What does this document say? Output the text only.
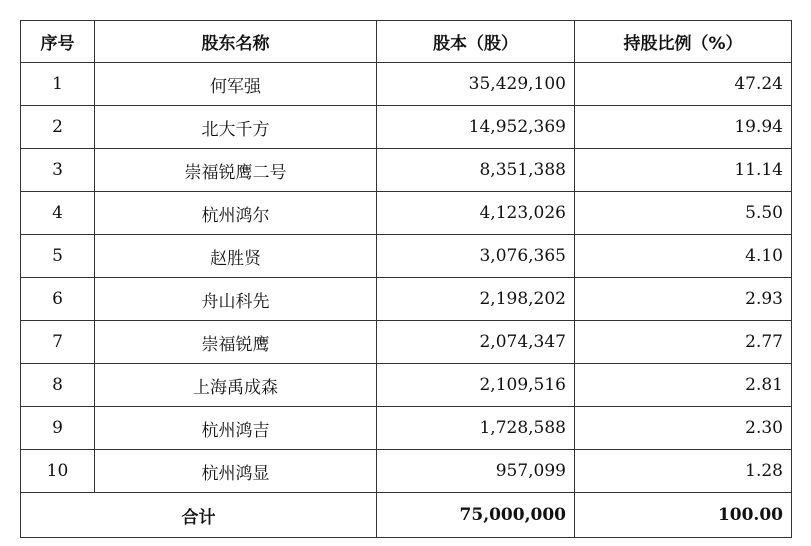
序号	股东名称	股本（股）	持股比例（%）
1	何军强	35,429,100	47.24
2	北大千方	14,952,369	19.94
3	崇福锐鹰二号	8,351,388	11.14
4	杭州鸿尔	4,123,026	5.50
5	赵胜贤	3,076,365	4.10
6	舟山科先	2,198,202	2.93
7	崇福锐鹰	2,074,347	2.77
8	上海禹成森	2,109,516	2.81
9	杭州鸿吉	1,728,588	2.30
10	杭州鸿显	957,099	1.28
合计		75,000,000	100.00
